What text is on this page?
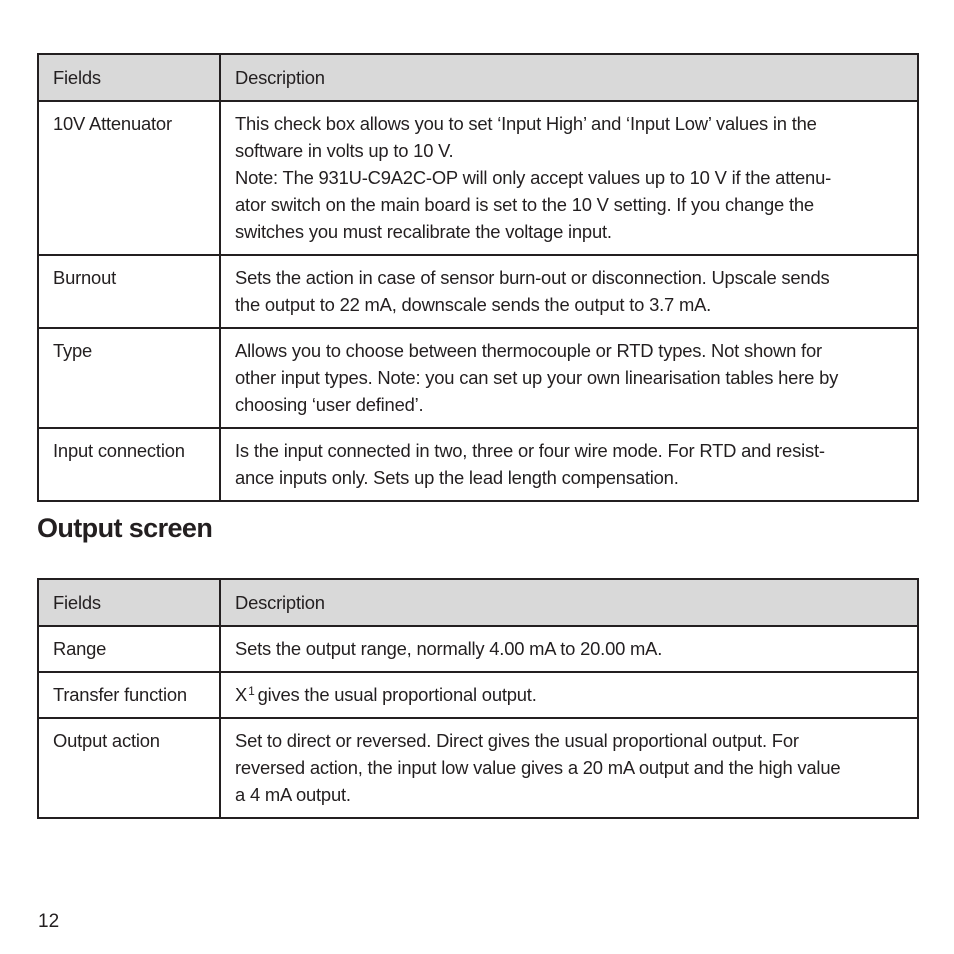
Fields	Description
10V Attenuator	This check box allows you to set ‘Input High’ and ‘Input Low’ values in the
software in volts up to 10 V.
Note: The 931U-C9A2C-OP will only accept values up to 10 V if the attenu-
ator switch on the main board is set to the 10 V setting. If you change the
switches you must recalibrate the voltage input.

Burnout	Sets the action in case of sensor burn-out or disconnection. Upscale sends
the output to 22 mA, downscale sends the output to 3.7 mA.

Type	Allows you to choose between thermocouple or RTD types. Not shown for
other input types. Note: you can set up your own linearisation tables here by
choosing ‘user defined’.

Input connection	Is the input connected in two, three or four wire mode. For RTD and resist-
ance inputs only. Sets up the lead length compensation.
Output screen
Fields	Description
Range	Sets the output range, normally 4.00 mA to 20.00 mA.

Transfer function	$X^1$ gives the usual proportional output.
Output action	Set to direct or reversed. Direct gives the usual proportional output. For
reversed action, the input low value gives a 20 mA output and the high value
a 4 mA output.
12
